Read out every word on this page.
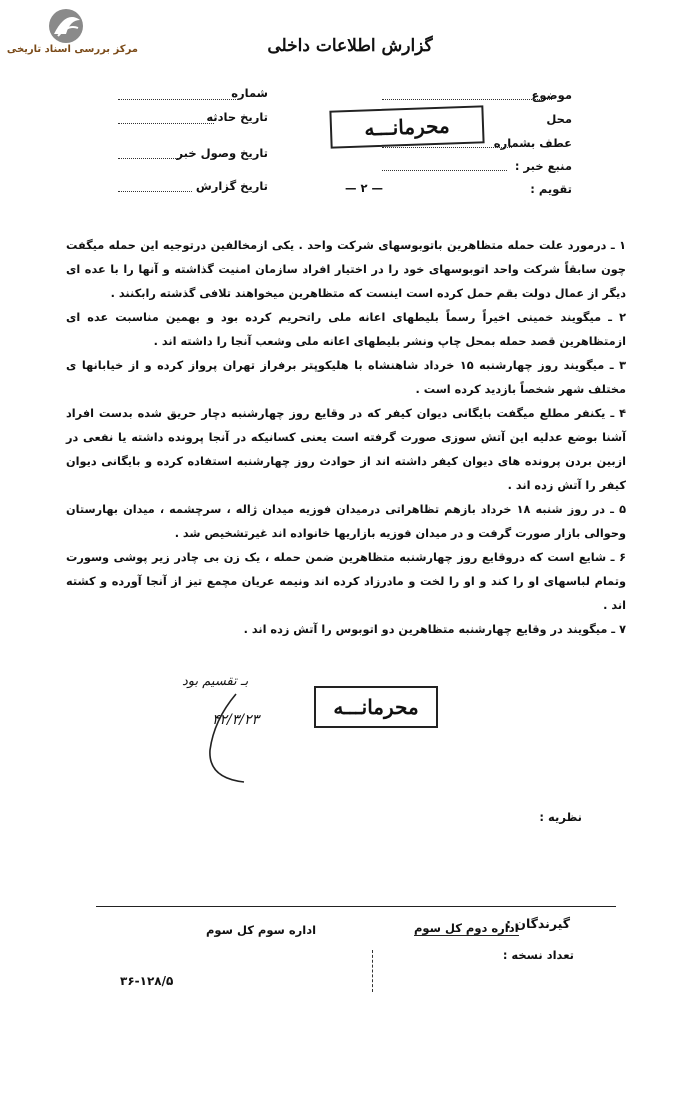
مرکز بررسی اسناد تاریخی	گزارش اطلاعات داخلی
موضوع
محل
عطف بشماره
منبع خبر :
تقویم :
— ۲ —
شماره
تاریخ حادثه
تاریخ وصول خبر
تاریخ گزارش
محرمانـــه

۱ ـ درمورد علت حمله متظاهرین باتوبوسهای شرکت واحد . یکی ازمخالفین درتوجیه این حمله میگفت چون سابقاً شرکت واحد اتوبوسهای خود را در اختیار افراد سازمان امنیت گذاشته و آنها را با عده ای دیگر از عمال دولت بقم حمل کرده است اینست که متظاهرین میخواهند تلافی گذشته رابکنند .

۲ ـ میگویند خمینی اخیراً رسماً بلیطهای اعانه ملی راتحریم کرده بود و بهمین مناسبت عده ای ازمتظاهرین قصد حمله بمحل چاپ ونشر بلیطهای اعانه ملی وشعب آنجا را داشته اند .

۳ ـ میگویند روز چهارشنبه ۱۵ خرداد شاهنشاه با هلیکوپتر برفراز تهران پرواز کرده و از خیابانها ی مختلف شهر شخصاً بازدید کرده است .

۴ ـ یکنفر مطلع میگفت بایگانی دیوان کیفر که در وقایع روز چهارشنبه دچار حریق شده بدست افراد آشنا بوضع عدلیه این آتش سوزی صورت گرفته است یعنی کسانیکه در آنجا پرونده داشته یا نفعی در ازبین بردن پرونده های دیوان کیفر داشته اند از حوادث روز چهارشنبه استفاده کرده و بایگانی دیوان کیفر را آتش زده اند .

۵ ـ در روز شنبه ۱۸ خرداد بازهم تظاهراتی درمیدان فوزیه میدان ژاله ، سرچشمه ، میدان بهارستان وحوالی بازار صورت گرفت و در میدان فوزیه بازاریها خانواده اند غیرتشخیص شد .

۶ ـ شایع است که دروقایع روز چهارشنبه متظاهرین ضمن حمله ، یک زن بی چادر زیر پوشی وسورت وتمام لباسهای او را کند و او را لخت و مادرزاد کرده اند ونیمه عریان مچمع تیز از آنجا آورده و کشته اند .

۷ ـ میگویند در وقایع چهارشنبه متظاهرین دو اتوبوس را آتش زده اند .

بـ تقسیم بود
۴۲/۳/۲۳
محرمانـــه
نظریه :
گیرندگان :
اداره دوم کل سوم
اداره سوم کل سوم
تعداد نسخه :
۳۶-۱۲۸/۵
